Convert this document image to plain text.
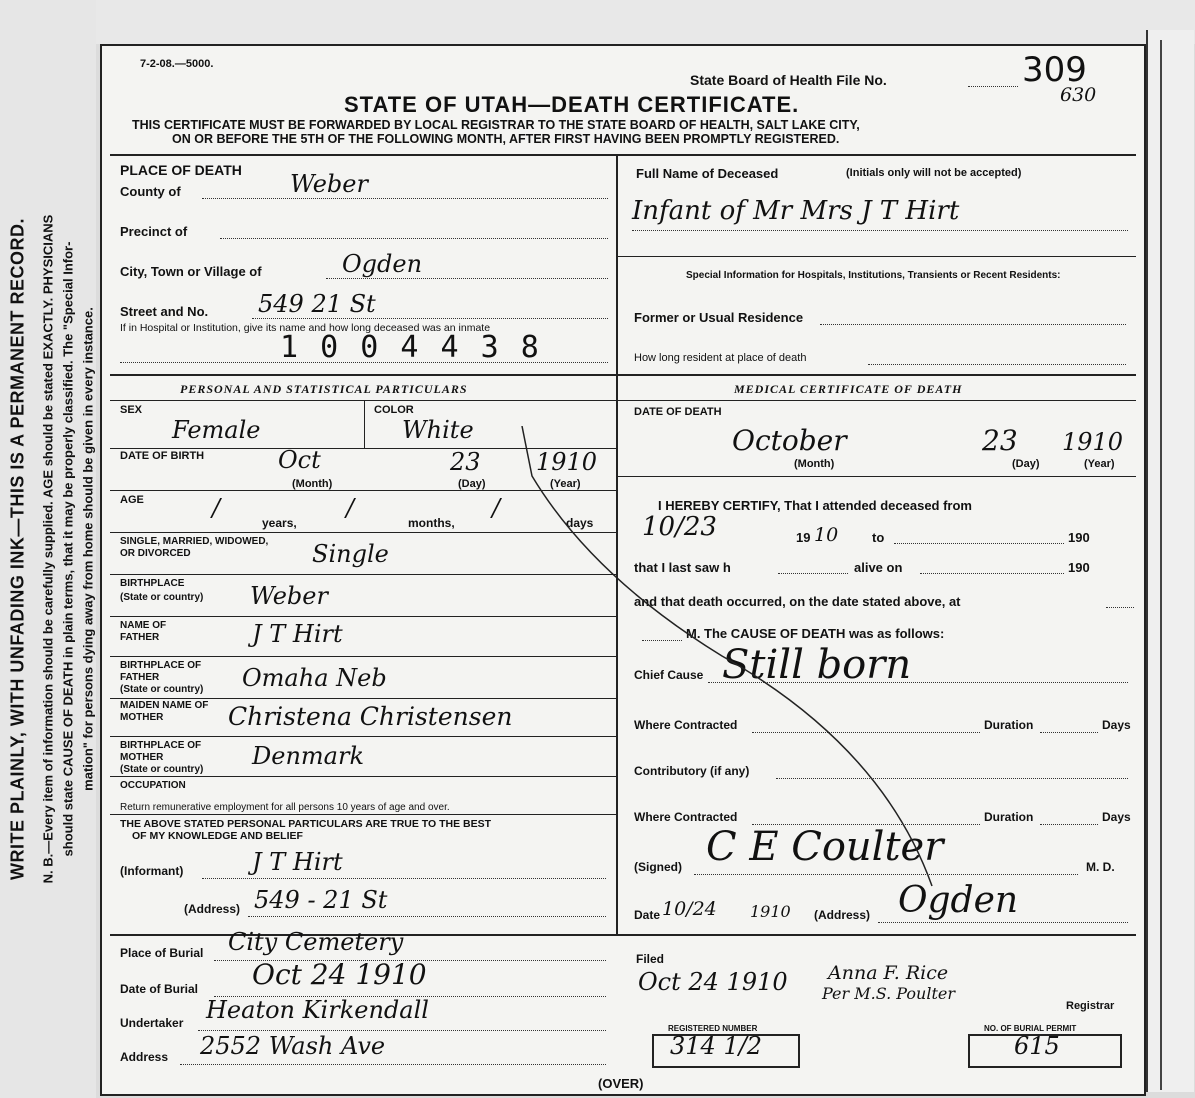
WRITE PLAINLY, WITH UNFADING INK—THIS IS A PERMANENT RECORD. N. B.—Every item of information should be carefully supplied. AGE should be stated EXACTLY. PHYSICIANS should state CAUSE OF DEATH in plain terms, that it may be properly classified. The "Special Infor- mation" for persons dying away from home should be given in every instance.
7-2-08.—5000.
State Board of Health File No.	309
630
STATE OF UTAH—DEATH CERTIFICATE.
THIS CERTIFICATE MUST BE FORWARDED BY LOCAL REGISTRAR TO THE STATE BOARD OF HEALTH, SALT LAKE CITY,
ON OR BEFORE THE 5TH OF THE FOLLOWING MONTH, AFTER FIRST HAVING BEEN PROMPTLY REGISTERED.
PLACE OF DEATH
County of	Weber
Precinct of
City, Town or Village of	Ogden
Street and No. 549 21 St
If in Hospital or Institution, give its name and how long deceased was an inmate
1 0 0 4 4 3 8
Full Name of Deceased	(Initials only will not be accepted)
Infant of Mr Mrs J T Hirt
Special Information for Hospitals, Institutions, Transients or Recent Residents:
Former or Usual Residence
How long resident at place of death
PERSONAL AND STATISTICAL PARTICULARS
SEX
Female
COLOR
White
DATE OF BIRTH	Oct	23 1910
(Month)	(Day)	(Year)
AGE	/
years,
/
months,
/
days
SINGLE, MARRIED, WIDOWED, OR DIVORCED	Single
BIRTHPLACE
(State or country) Weber
NAME OF FATHER	J T Hirt
BIRTHPLACE OF FATHER
(State or country) Omaha Neb
MAIDEN NAME OF MOTHER	Christena Christensen
BIRTHPLACE OF MOTHER
(State or country) Denmark
OCCUPATION
Return remunerative employment for all persons 10 years of age and over.
THE ABOVE STATED PERSONAL PARTICULARS ARE TRUE TO THE BEST
OF MY KNOWLEDGE AND BELIEF
(Informant)	J T Hirt
(Address) 549 - 21 St
MEDICAL CERTIFICATE OF DEATH
DATE OF DEATH
October	23 1910
(Month)	(Day)	(Year)
I HEREBY CERTIFY, That I attended deceased from
10/23	19 10	to	190
that I last saw h	alive on	190
and that death occurred, on the date stated above, at
M. The CAUSE OF DEATH was as follows:
Chief Cause Still born
Where Contracted	Duration	Days
Contributory (if any)
Where Contracted	Duration	Days
(Signed) C E Coulter	M. D.
Date 10/24 1910 (Address) Ogden
Place of Burial City Cemetery
Date of Burial Oct 24 1910
Undertaker Heaton Kirkendall
Address 2552 Wash Ave
Filed
Oct 24 1910 Anna F. Rice
Per M.S. Poulter
Registrar
REGISTERED NUMBER
314 1/2
NO. OF BURIAL PERMIT
615
(OVER)
